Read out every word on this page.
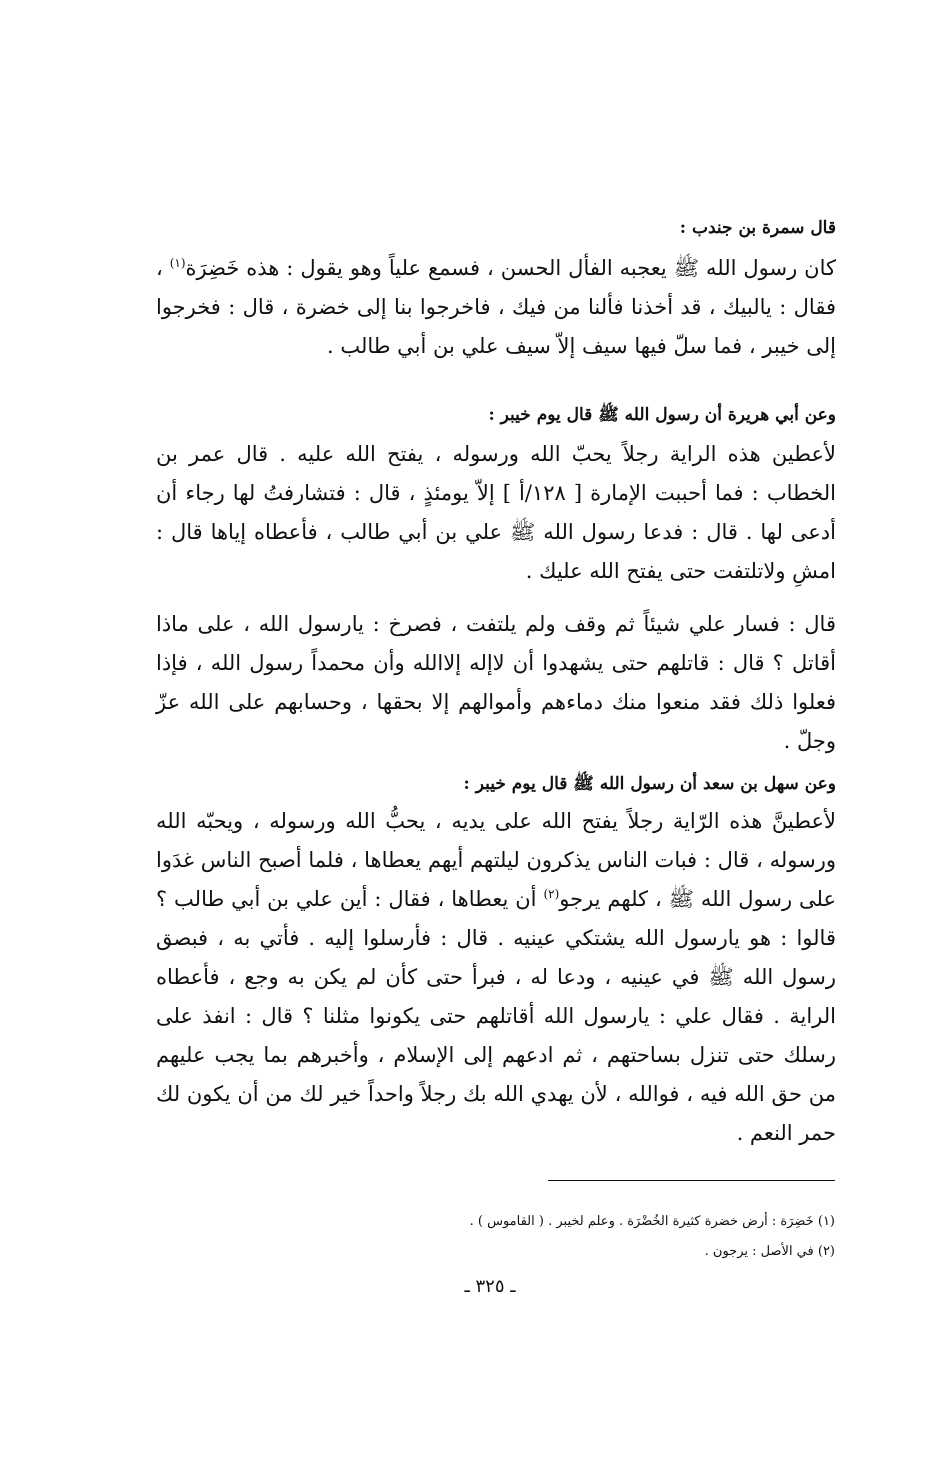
قال سمرة بن جندب :

كان رسول الله ﷺ يعجبه الفأل الحسن ، فسمع علياً وهو يقول : هذه خَضِرَة$^{(١)}$ ، فقال : يالبيك ، قد أخذنا فألنا من فيك ، فاخرجوا بنا إلى خضرة ، قال : فخرجوا إلى خيبر ، فما سلّ فيها سيف إلاّ سيف علي بن أبي طالب .

وعن أبي هريرة أن رسول الله ﷺ قال يوم خيبر :

لأعطين هذه الراية رجلاً يحبّ الله ورسوله ، يفتح الله عليه . قال عمر بن الخطاب : فما أحببت الإمارة [ ١٢٨/أ ] إلاّ يومئذٍ ، قال : فتشارفتُ لها رجاء أن أدعى لها . قال : فدعا رسول الله ﷺ علي بن أبي طالب ، فأعطاه إياها قال : امشِ ولاتلتفت حتى يفتح الله عليك .

قال : فسار علي شيئاً ثم وقف ولم يلتفت ، فصرخ : يارسول الله ، على ماذا أقاتل ؟ قال : قاتلهم حتى يشهدوا أن لاإله إلاالله وأن محمداً رسول الله ، فإذا فعلوا ذلك فقد منعوا منك دماءهم وأموالهم إلا بحقها ، وحسابهم على الله عزّ وجلّ .

وعن سهل بن سعد أن رسول الله ﷺ قال يوم خيبر :

لأعطينَّ هذه الرّاية رجلاً يفتح الله على يديه ، يحبُّ الله ورسوله ، ويحبّه الله ورسوله ، قال : فبات الناس يذكرون ليلتهم أيهم يعطاها ، فلما أصبح الناس غدَوا على رسول الله ﷺ ، كلهم يرجو$^{(٢)}$ أن يعطاها ، فقال : أين علي بن أبي طالب ؟ قالوا : هو يارسول الله يشتكي عينيه . قال : فأرسلوا إليه . فأتي به ، فبصق رسول الله ﷺ في عينيه ، ودعا له ، فبرأ حتى كأن لم يكن به وجع ، فأعطاه الراية . فقال علي : يارسول الله أقاتلهم حتى يكونوا مثلنا ؟ قال : انفذ على رسلك حتى تنزل بساحتهم ، ثم ادعهم إلى الإسلام ، وأخبرهم بما يجب عليهم من حق الله فيه ، فوالله ، لأن يهدي الله بك رجلاً واحداً خير لك من أن يكون لك حمر النعم .

(١) خَضِرَة : أرض خضرة كثيرة الخُضْرَة . وعلم لخيبر . ( القاموس ) .
(٢) في الأصل : يرجون .
ـ ٣٢٥ ـ
